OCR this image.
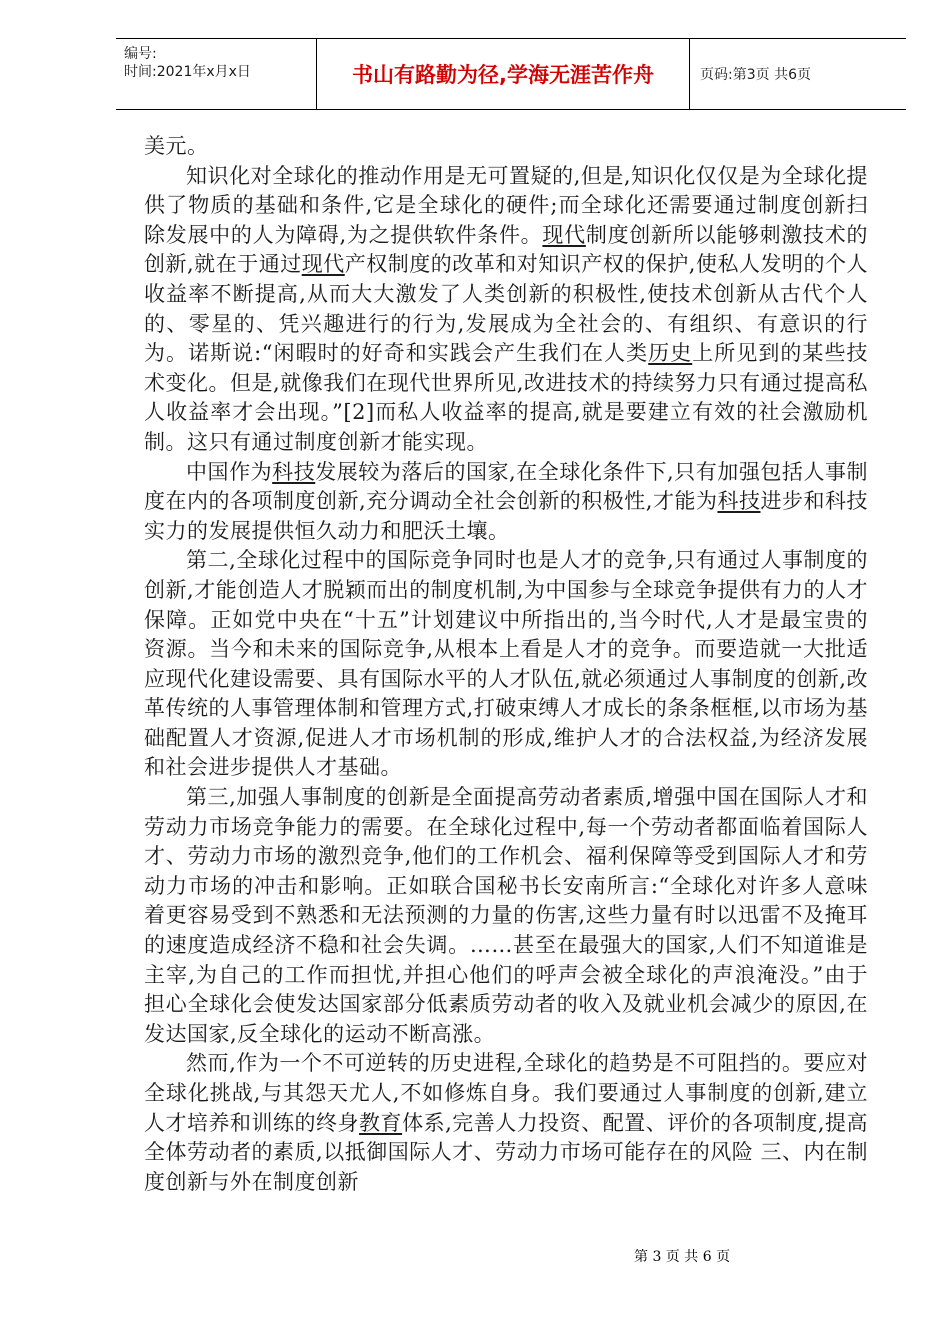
编号:
时间:2021年x月x日	书山有路勤为径,学海无涯苦作舟	页码:第3页 共6页

美元。

知识化对全球化的推动作用是无可置疑的,但是,知识化仅仅是为全球化提供了物质的基础和条件,它是全球化的硬件;而全球化还需要通过制度创新扫除发展中的人为障碍,为之提供软件条件。现代制度创新所以能够刺激技术的创新,就在于通过现代产权制度的改革和对知识产权的保护,使私人发明的个人收益率不断提高,从而大大激发了人类创新的积极性,使技术创新从古代个人的、零星的、凭兴趣进行的行为,发展成为全社会的、有组织、有意识的行为。诺斯说:“闲暇时的好奇和实践会产生我们在人类历史上所见到的某些技术变化。但是,就像我们在现代世界所见,改进技术的持续努力只有通过提高私人收益率才会出现。”[2]而私人收益率的提高,就是要建立有效的社会激励机制。这只有通过制度创新才能实现。

中国作为科技发展较为落后的国家,在全球化条件下,只有加强包括人事制度在内的各项制度创新,充分调动全社会创新的积极性,才能为科技进步和科技实力的发展提供恒久动力和肥沃土壤。

第二,全球化过程中的国际竞争同时也是人才的竞争,只有通过人事制度的创新,才能创造人才脱颖而出的制度机制,为中国参与全球竞争提供有力的人才保障。正如党中央在“十五”计划建议中所指出的,当今时代,人才是最宝贵的资源。当今和未来的国际竞争,从根本上看是人才的竞争。而要造就一大批适应现代化建设需要、具有国际水平的人才队伍,就必须通过人事制度的创新,改革传统的人事管理体制和管理方式,打破束缚人才成长的条条框框,以市场为基础配置人才资源,促进人才市场机制的形成,维护人才的合法权益,为经济发展和社会进步提供人才基础。

第三,加强人事制度的创新是全面提高劳动者素质,增强中国在国际人才和劳动力市场竞争能力的需要。在全球化过程中,每一个劳动者都面临着国际人才、劳动力市场的激烈竞争,他们的工作机会、福利保障等受到国际人才和劳动力市场的冲击和影响。正如联合国秘书长安南所言:“全球化对许多人意味着更容易受到不熟悉和无法预测的力量的伤害,这些力量有时以迅雷不及掩耳的速度造成经济不稳和社会失调。……甚至在最强大的国家,人们不知道谁是主宰,为自己的工作而担忧,并担心他们的呼声会被全球化的声浪淹没。”由于担心全球化会使发达国家部分低素质劳动者的收入及就业机会减少的原因,在发达国家,反全球化的运动不断高涨。

然而,作为一个不可逆转的历史进程,全球化的趋势是不可阻挡的。要应对全球化挑战,与其怨天尤人,不如修炼自身。我们要通过人事制度的创新,建立人才培养和训练的终身教育体系,完善人力投资、配置、评价的各项制度,提高全体劳动者的素质,以抵御国际人才、劳动力市场可能存在的风险 三、内在制度创新与外在制度创新

第 3 页 共 6 页
